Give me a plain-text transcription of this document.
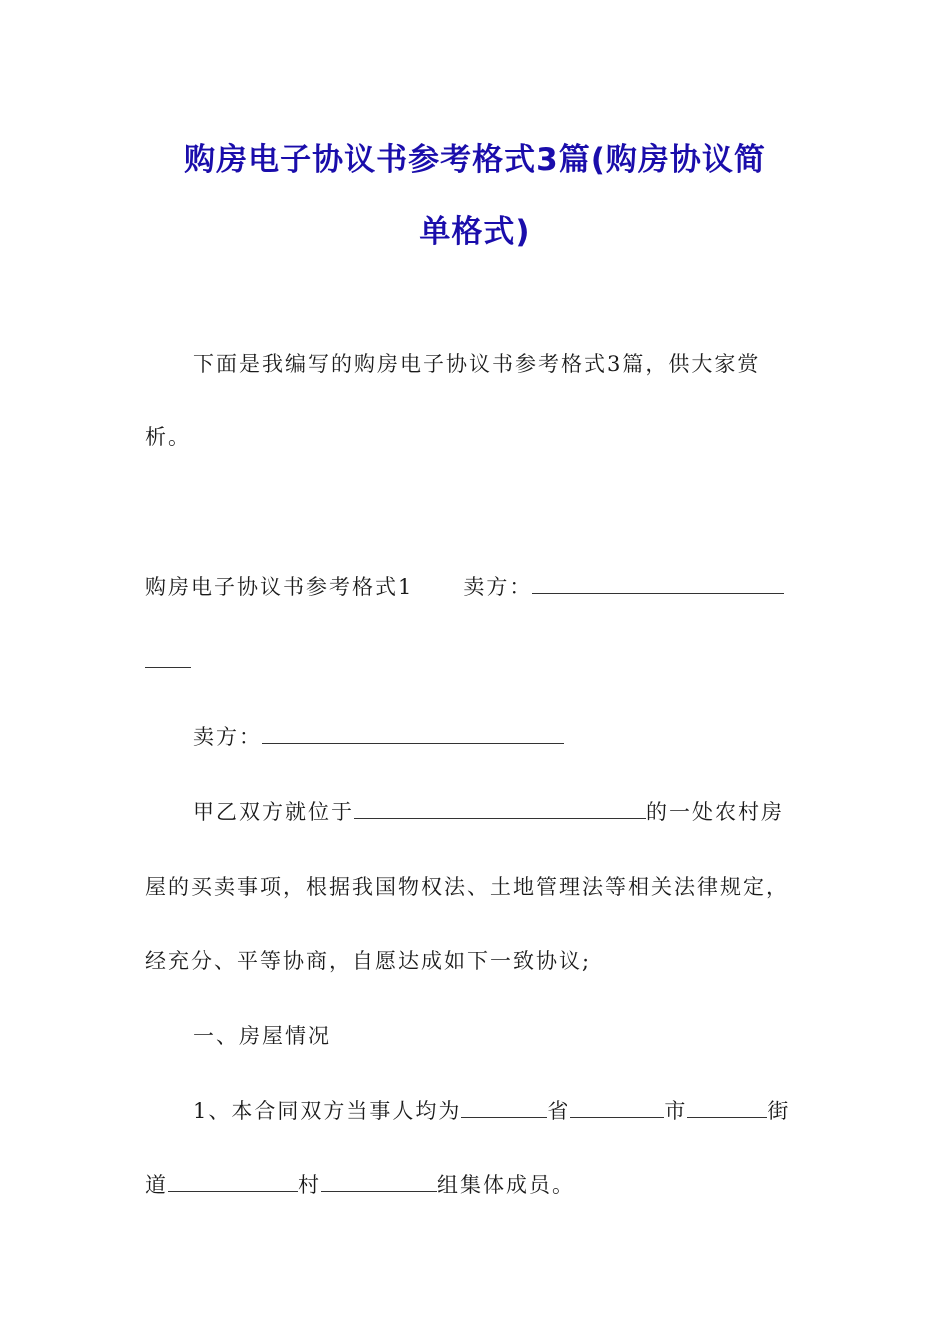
购房电子协议书参考格式3篇(购房协议简
单格式)
下面是我编写的购房电子协议书参考格式3篇，供大家赏
析。
购房电子协议书参考格式1 卖方：
卖方：
甲乙双方就位于	的一处农村房
屋的买卖事项，根据我国物权法、土地管理法等相关法律规定，
经充分、平等协商，自愿达成如下一致协议;
一、房屋情况
1、本合同双方当事人均为	省	市	街
道	村	组集体成员。
